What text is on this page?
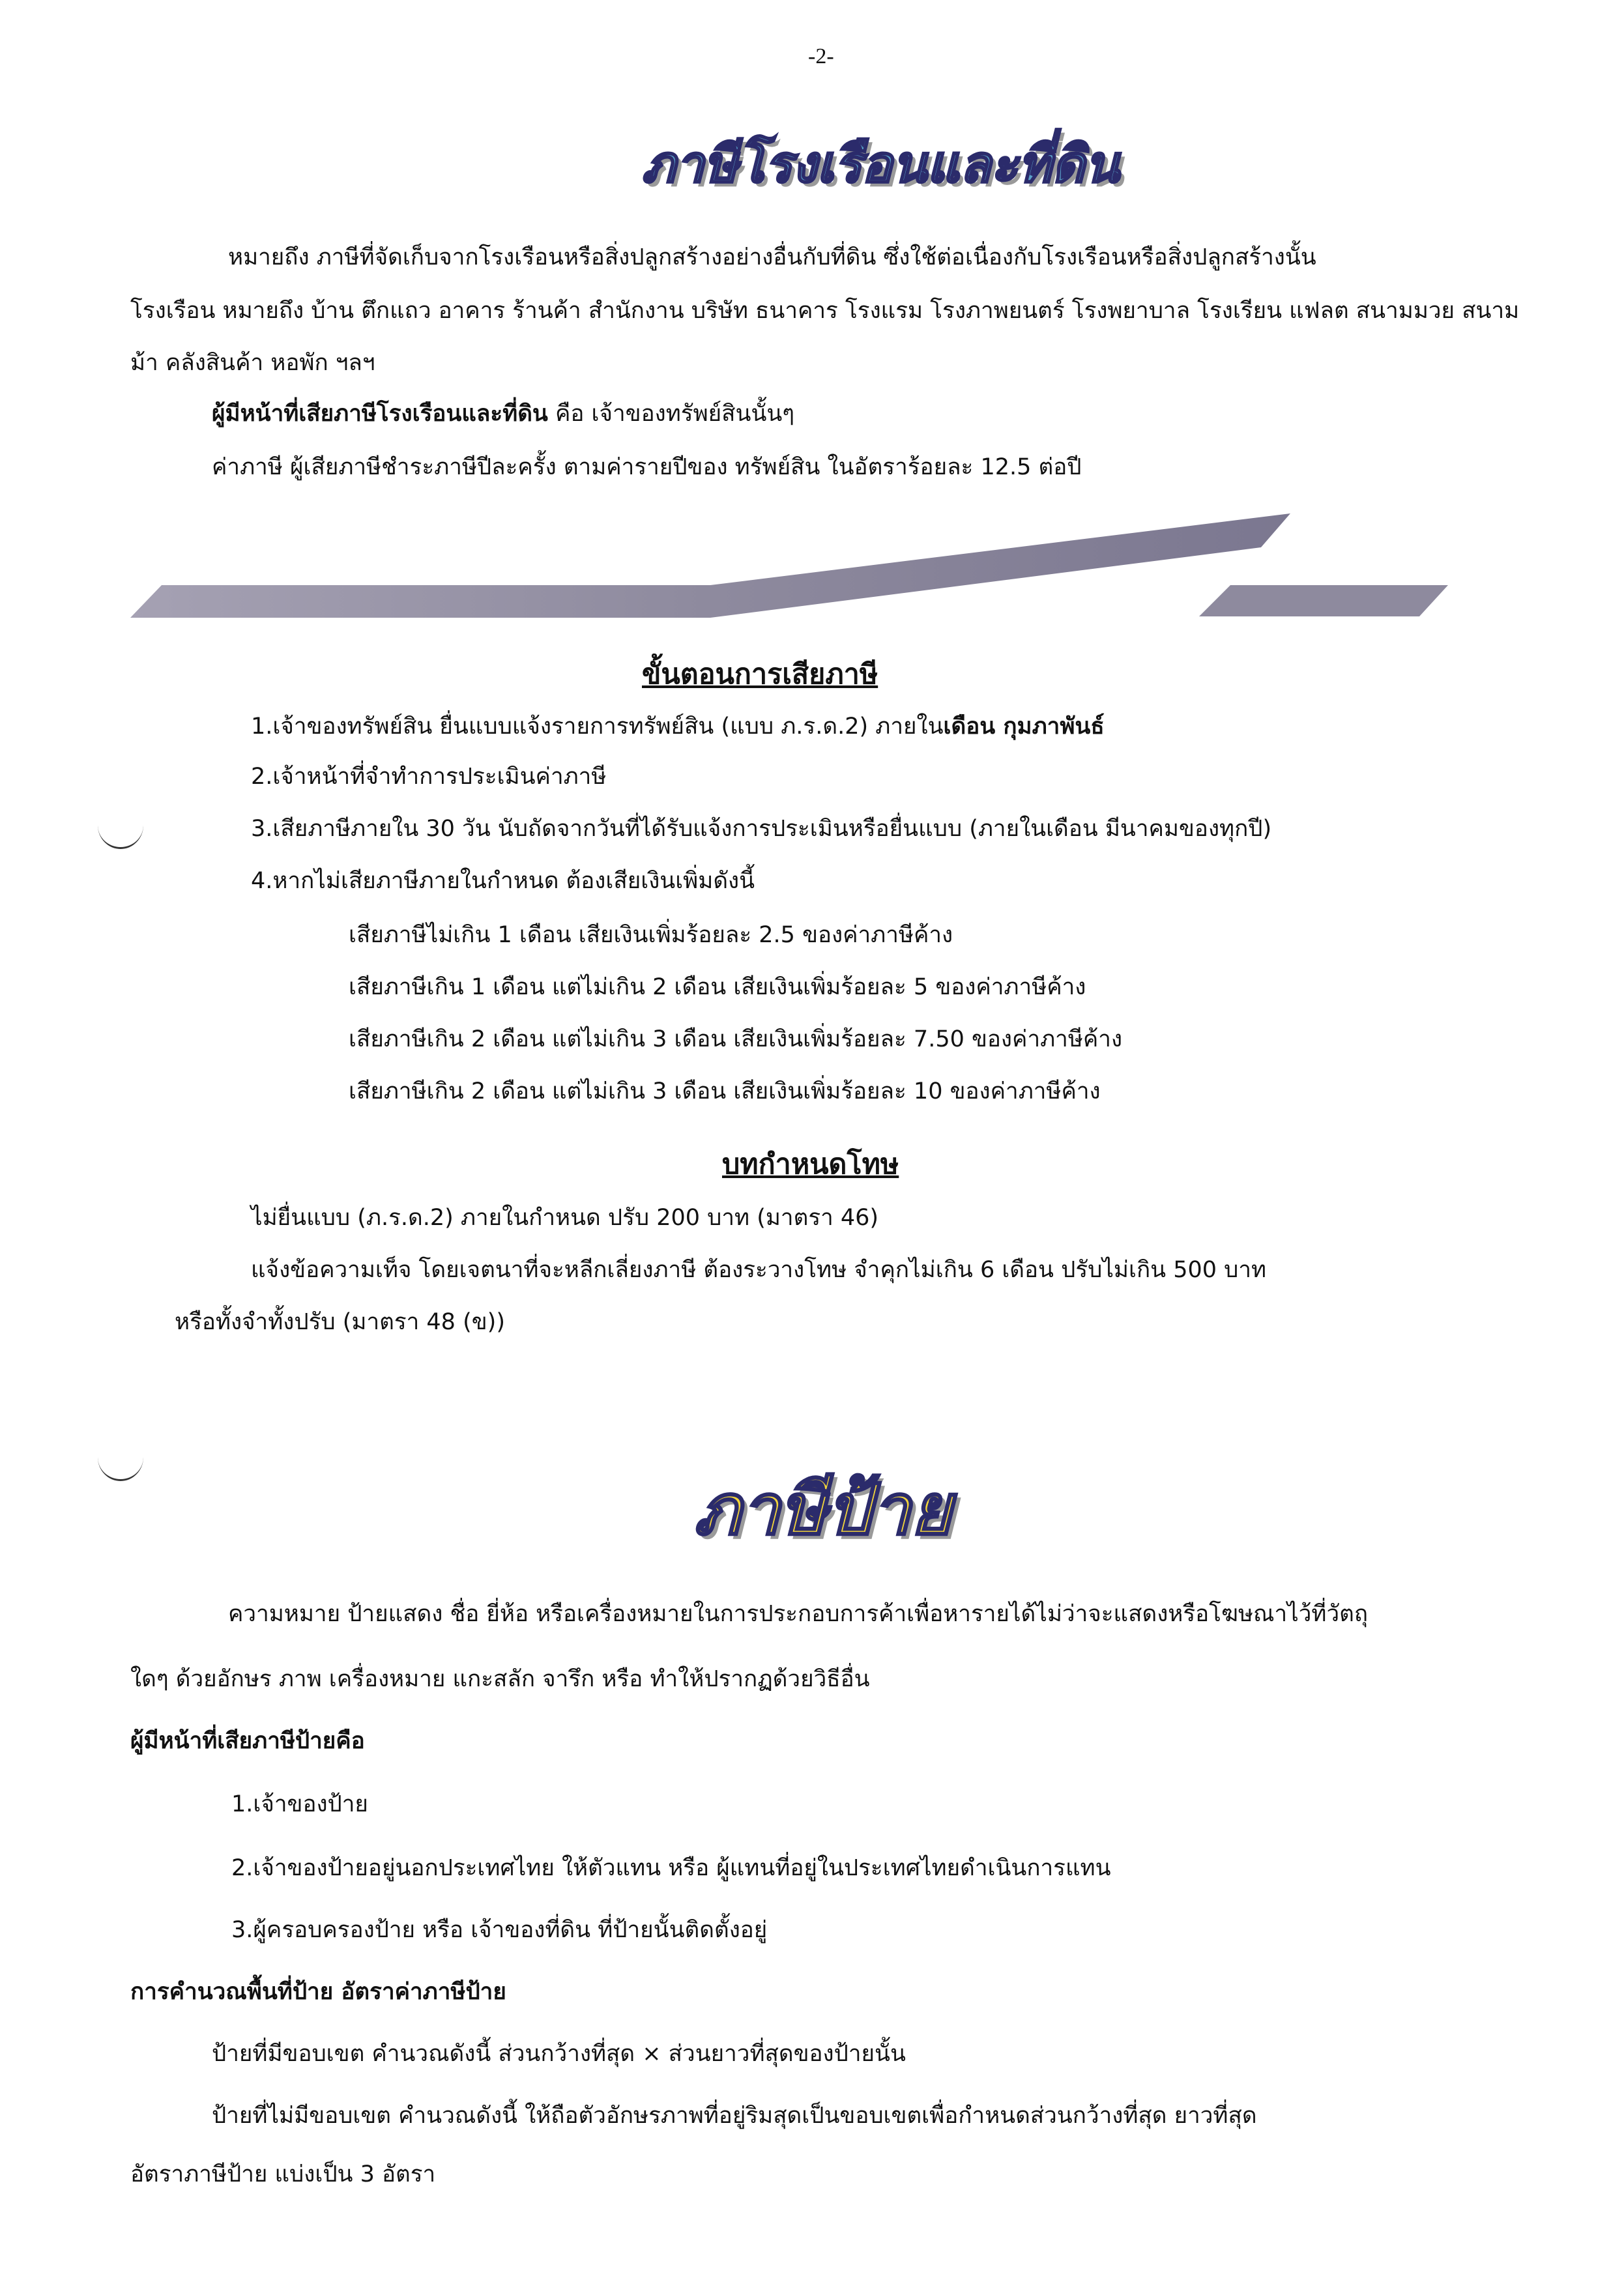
-2-
ภาษีโรงเรือนและที่ดิน
หมายถึง ภาษีที่จัดเก็บจากโรงเรือนหรือสิ่งปลูกสร้างอย่างอื่นกับที่ดิน ซึ่งใช้ต่อเนื่องกับโรงเรือนหรือสิ่งปลูกสร้างนั้น
โรงเรือน หมายถึง บ้าน ตึกแถว อาคาร ร้านค้า สำนักงาน บริษัท ธนาคาร โรงแรม โรงภาพยนตร์ โรงพยาบาล โรงเรียน แฟลต สนามมวย สนาม
ม้า คลังสินค้า หอพัก ฯลฯ
ผู้มีหน้าที่เสียภาษีโรงเรือนและที่ดิน คือ เจ้าของทรัพย์สินนั้นๆ
ค่าภาษี ผู้เสียภาษีชำระภาษีปีละครั้ง ตามค่ารายปีของ ทรัพย์สิน ในอัตราร้อยละ 12.5 ต่อปี
ขั้นตอนการเสียภาษี
1.เจ้าของทรัพย์สิน ยื่นแบบแจ้งรายการทรัพย์สิน (แบบ ภ.ร.ด.2) ภายในเดือน กุมภาพันธ์
2.เจ้าหน้าที่จำทำการประเมินค่าภาษี
3.เสียภาษีภายใน 30 วัน นับถัดจากวันที่ได้รับแจ้งการประเมินหรือยื่นแบบ (ภายในเดือน มีนาคมของทุกปี)
4.หากไม่เสียภาษีภายในกำหนด ต้องเสียเงินเพิ่มดังนี้
เสียภาษีไม่เกิน 1 เดือน เสียเงินเพิ่มร้อยละ 2.5 ของค่าภาษีค้าง
เสียภาษีเกิน 1 เดือน แต่ไม่เกิน 2 เดือน เสียเงินเพิ่มร้อยละ 5 ของค่าภาษีค้าง
เสียภาษีเกิน 2 เดือน แต่ไม่เกิน 3 เดือน เสียเงินเพิ่มร้อยละ 7.50 ของค่าภาษีค้าง
เสียภาษีเกิน 2 เดือน แต่ไม่เกิน 3 เดือน เสียเงินเพิ่มร้อยละ 10 ของค่าภาษีค้าง
บทกำหนดโทษ
ไม่ยื่นแบบ (ภ.ร.ด.2) ภายในกำหนด ปรับ 200 บาท (มาตรา 46)
แจ้งข้อความเท็จ โดยเจตนาที่จะหลีกเลี่ยงภาษี ต้องระวางโทษ จำคุกไม่เกิน 6 เดือน ปรับไม่เกิน 500 บาท
หรือทั้งจำทั้งปรับ (มาตรา 48 (ข))
ภาษีป้าย
ความหมาย ป้ายแสดง ชื่อ ยี่ห้อ หรือเครื่องหมายในการประกอบการค้าเพื่อหารายได้ไม่ว่าจะแสดงหรือโฆษณาไว้ที่วัตถุ
ใดๆ ด้วยอักษร ภาพ เครื่องหมาย แกะสลัก จารึก หรือ ทำให้ปรากฏด้วยวิธีอื่น
ผู้มีหน้าที่เสียภาษีป้ายคือ
1.เจ้าของป้าย
2.เจ้าของป้ายอยู่นอกประเทศไทย ให้ตัวแทน หรือ ผู้แทนที่อยู่ในประเทศไทยดำเนินการแทน
3.ผู้ครอบครองป้าย หรือ เจ้าของที่ดิน ที่ป้ายนั้นติดตั้งอยู่
การคำนวณพื้นที่ป้าย อัตราค่าภาษีป้าย
ป้ายที่มีขอบเขต คำนวณดังนี้ ส่วนกว้างที่สุด × ส่วนยาวที่สุดของป้ายนั้น
ป้ายที่ไม่มีขอบเขต คำนวณดังนี้ ให้ถือตัวอักษรภาพที่อยู่ริมสุดเป็นขอบเขตเพื่อกำหนดส่วนกว้างที่สุด ยาวที่สุด
อัตราภาษีป้าย แบ่งเป็น 3 อัตรา
